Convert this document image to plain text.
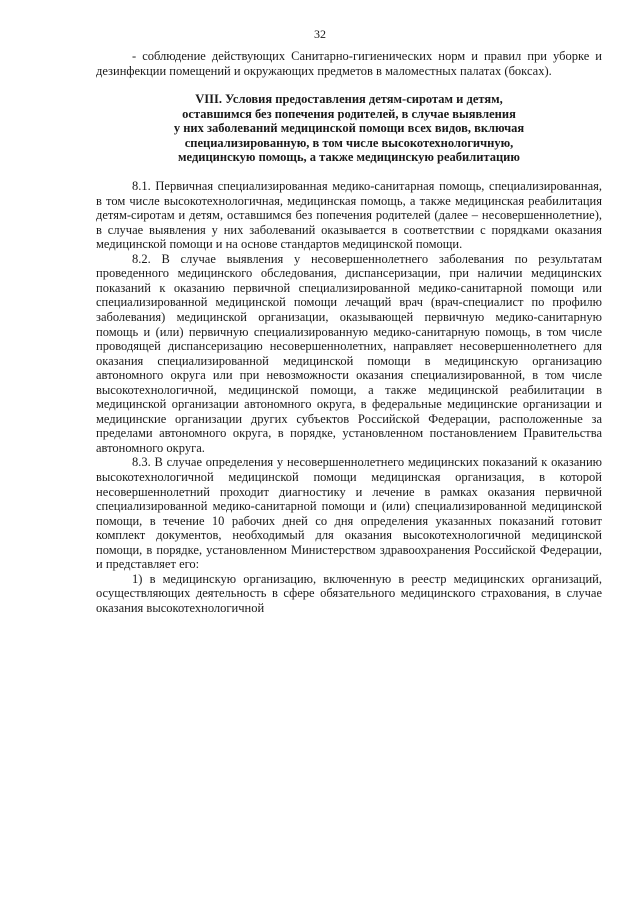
32

- соблюдение действующих Санитарно-гигиенических норм и правил при уборке и дезинфекции помещений и окружающих предметов в маломестных палатах (боксах).

VIII. Условия предоставления детям-сиротам и детям,
оставшимся без попечения родителей, в случае выявления
у них заболеваний медицинской помощи всех видов, включая
специализированную, в том числе высокотехнологичную,
медицинскую помощь, а также медицинскую реабилитацию

8.1. Первичная специализированная медико-санитарная помощь, специализированная, в том числе высокотехнологичная, медицинская помощь, а также медицинская реабилитация детям-сиротам и детям, оставшимся без попечения родителей (далее – несовершеннолетние), в случае выявления у них заболеваний оказывается в соответствии с порядками оказания медицинской помощи и на основе стандартов медицинской помощи.

8.2. В случае выявления у несовершеннолетнего заболевания по результатам проведенного медицинского обследования, диспансеризации, при наличии медицинских показаний к оказанию первичной специализированной медико-санитарной помощи или специализированной медицинской помощи лечащий врач (врач-специалист по профилю заболевания) медицинской организации, оказывающей первичную медико-санитарную помощь и (или) первичную специализированную медико-санитарную помощь, в том числе проводящей диспансеризацию несовершеннолетних, направляет несовершеннолетнего для оказания специализированной медицинской помощи в медицинскую организацию автономного округа или при невозможности оказания специализированной, в том числе высокотехнологичной, медицинской помощи, а также медицинской реабилитации в медицинской организации автономного округа, в федеральные медицинские организации и медицинские организации других субъектов Российской Федерации, расположенные за пределами автономного округа, в порядке, установленном постановлением Правительства автономного округа.

8.3. В случае определения у несовершеннолетнего медицинских показаний к оказанию высокотехнологичной медицинской помощи медицинская организация, в которой несовершеннолетний проходит диагностику и лечение в рамках оказания первичной специализированной медико-санитарной помощи и (или) специализированной медицинской помощи, в течение 10 рабочих дней со дня определения указанных показаний готовит комплект документов, необходимый для оказания высокотехнологичной медицинской помощи, в порядке, установленном Министерством здравоохранения Российской Федерации, и представляет его:

1) в медицинскую организацию, включенную в реестр медицинских организаций, осуществляющих деятельность в сфере обязательного медицинского страхования, в случае оказания высокотехнологичной
